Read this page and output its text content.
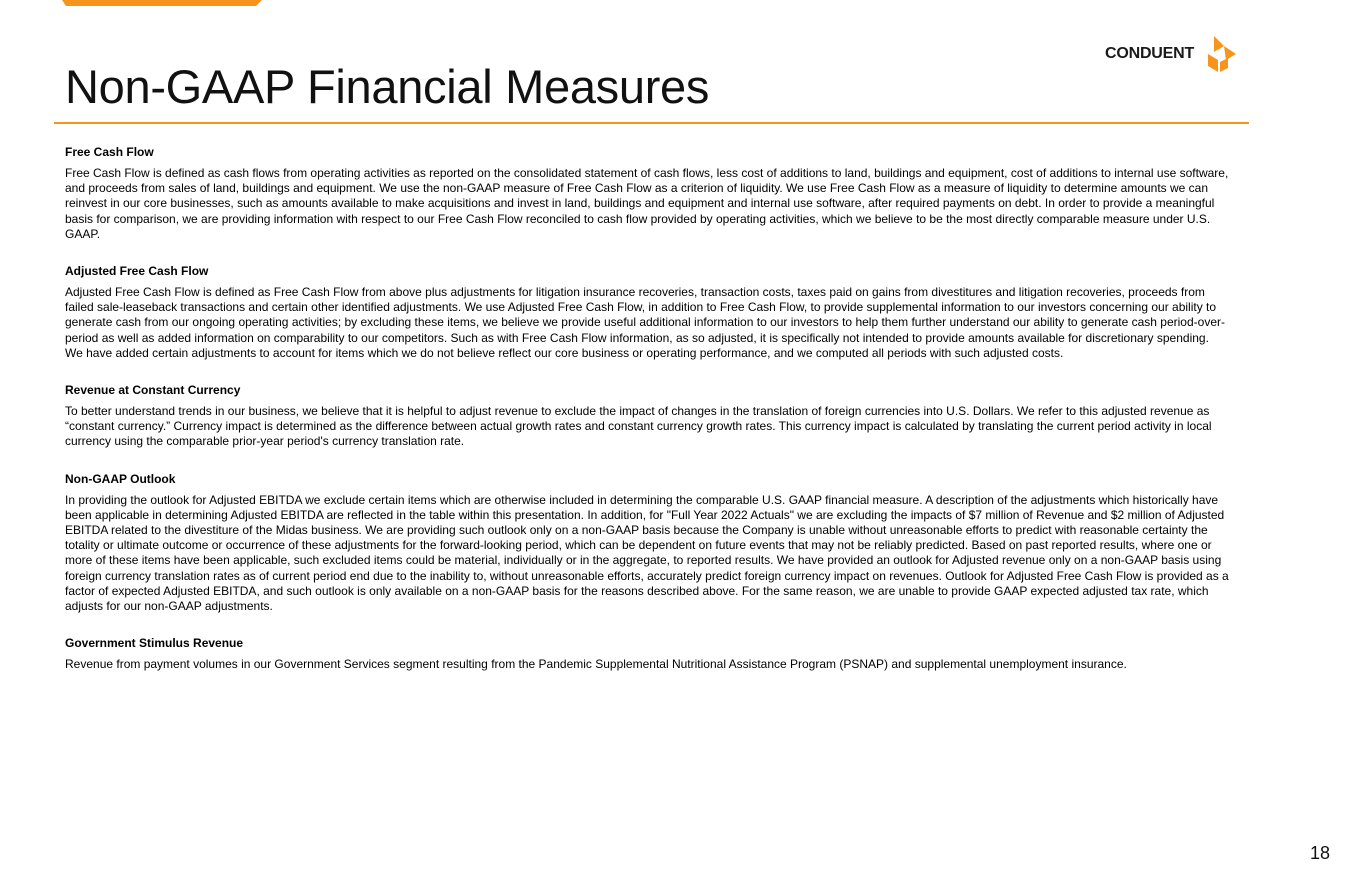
CONDUENT
Non-GAAP Financial Measures
Free Cash Flow

Free Cash Flow is defined as cash flows from operating activities as reported on the consolidated statement of cash flows, less cost of additions to land, buildings and equipment, cost of additions to internal use software, and proceeds from sales of land, buildings and equipment. We use the non-GAAP measure of Free Cash Flow as a criterion of liquidity. We use Free Cash Flow as a measure of liquidity to determine amounts we can reinvest in our core businesses, such as amounts available to make acquisitions and invest in land, buildings and equipment and internal use software, after required payments on debt. In order to provide a meaningful basis for comparison, we are providing information with respect to our Free Cash Flow reconciled to cash flow provided by operating activities, which we believe to be the most directly comparable measure under U.S. GAAP.

Adjusted Free Cash Flow

Adjusted Free Cash Flow is defined as Free Cash Flow from above plus adjustments for litigation insurance recoveries, transaction costs, taxes paid on gains from divestitures and litigation recoveries, proceeds from failed sale-leaseback transactions and certain other identified adjustments. We use Adjusted Free Cash Flow, in addition to Free Cash Flow, to provide supplemental information to our investors concerning our ability to generate cash from our ongoing operating activities; by excluding these items, we believe we provide useful additional information to our investors to help them further understand our ability to generate cash period-over-period as well as added information on comparability to our competitors. Such as with Free Cash Flow information, as so adjusted, it is specifically not intended to provide amounts available for discretionary spending. We have added certain adjustments to account for items which we do not believe reflect our core business or operating performance, and we computed all periods with such adjusted costs.

Revenue at Constant Currency

To better understand trends in our business, we believe that it is helpful to adjust revenue to exclude the impact of changes in the translation of foreign currencies into U.S. Dollars. We refer to this adjusted revenue as “constant currency.” Currency impact is determined as the difference between actual growth rates and constant currency growth rates. This currency impact is calculated by translating the current period activity in local currency using the comparable prior-year period's currency translation rate.

Non-GAAP Outlook

In providing the outlook for Adjusted EBITDA we exclude certain items which are otherwise included in determining the comparable U.S. GAAP financial measure. A description of the adjustments which historically have been applicable in determining Adjusted EBITDA are reflected in the table within this presentation. In addition, for "Full Year 2022 Actuals" we are excluding the impacts of $7 million of Revenue and $2 million of Adjusted EBITDA related to the divestiture of the Midas business. We are providing such outlook only on a non-GAAP basis because the Company is unable without unreasonable efforts to predict with reasonable certainty the totality or ultimate outcome or occurrence of these adjustments for the forward-looking period, which can be dependent on future events that may not be reliably predicted. Based on past reported results, where one or more of these items have been applicable, such excluded items could be material, individually or in the aggregate, to reported results. We have provided an outlook for Adjusted revenue only on a non-GAAP basis using foreign currency translation rates as of current period end due to the inability to, without unreasonable efforts, accurately predict foreign currency impact on revenues. Outlook for Adjusted Free Cash Flow is provided as a factor of expected Adjusted EBITDA, and such outlook is only available on a non-GAAP basis for the reasons described above. For the same reason, we are unable to provide GAAP expected adjusted tax rate, which adjusts for our non-GAAP adjustments.

Government Stimulus Revenue

Revenue from payment volumes in our Government Services segment resulting from the Pandemic Supplemental Nutritional Assistance Program (PSNAP) and supplemental unemployment insurance.

18
